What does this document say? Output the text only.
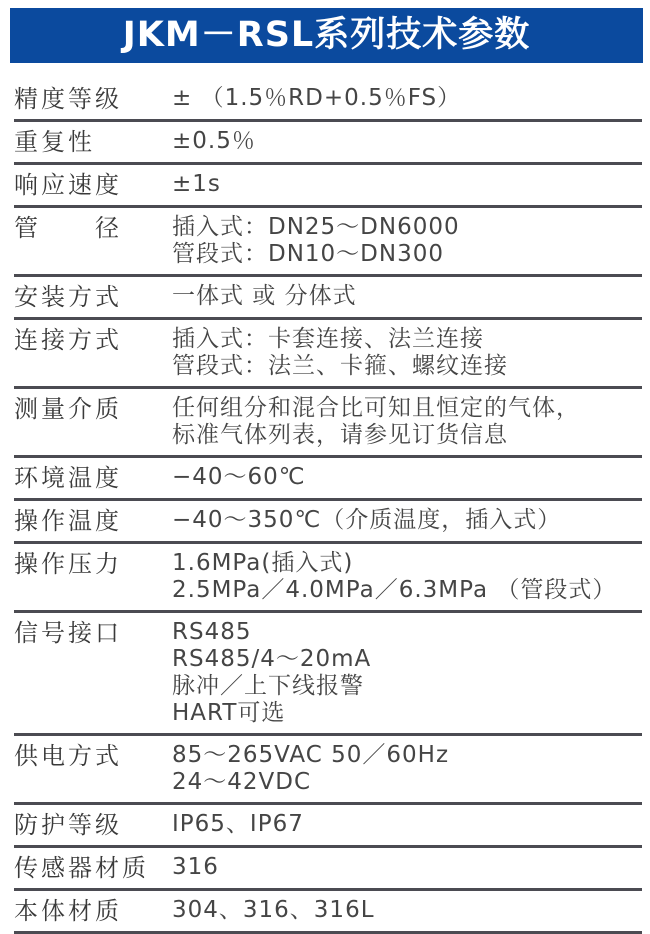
JKM－RSL系列技术参数
精度等级	± （1.5％RD+0.5％FS）
重复性	±0.5％
响应速度	±1s
管　　径	插入式：DN25～DN6000
管段式：DN10～DN300
安装方式	一体式 或 分体式
连接方式	插入式：卡套连接、法兰连接
管段式：法兰、卡箍、螺纹连接
测量介质	任何组分和混合比可知且恒定的气体，
标准气体列表，请参见订货信息
环境温度	−40～60℃
操作温度	−40～350℃（介质温度，插入式）
操作压力	1.6MPa(插入式)
2.5MPa／4.0MPa／6.3MPa （管段式）
信号接口	RS485
RS485/4～20mA
脉冲／上下线报警
HART可选
供电方式	85～265VAC 50／60Hz
24～42VDC
防护等级	IP65、IP67
传感器材质	316
本体材质	304、316、316L
